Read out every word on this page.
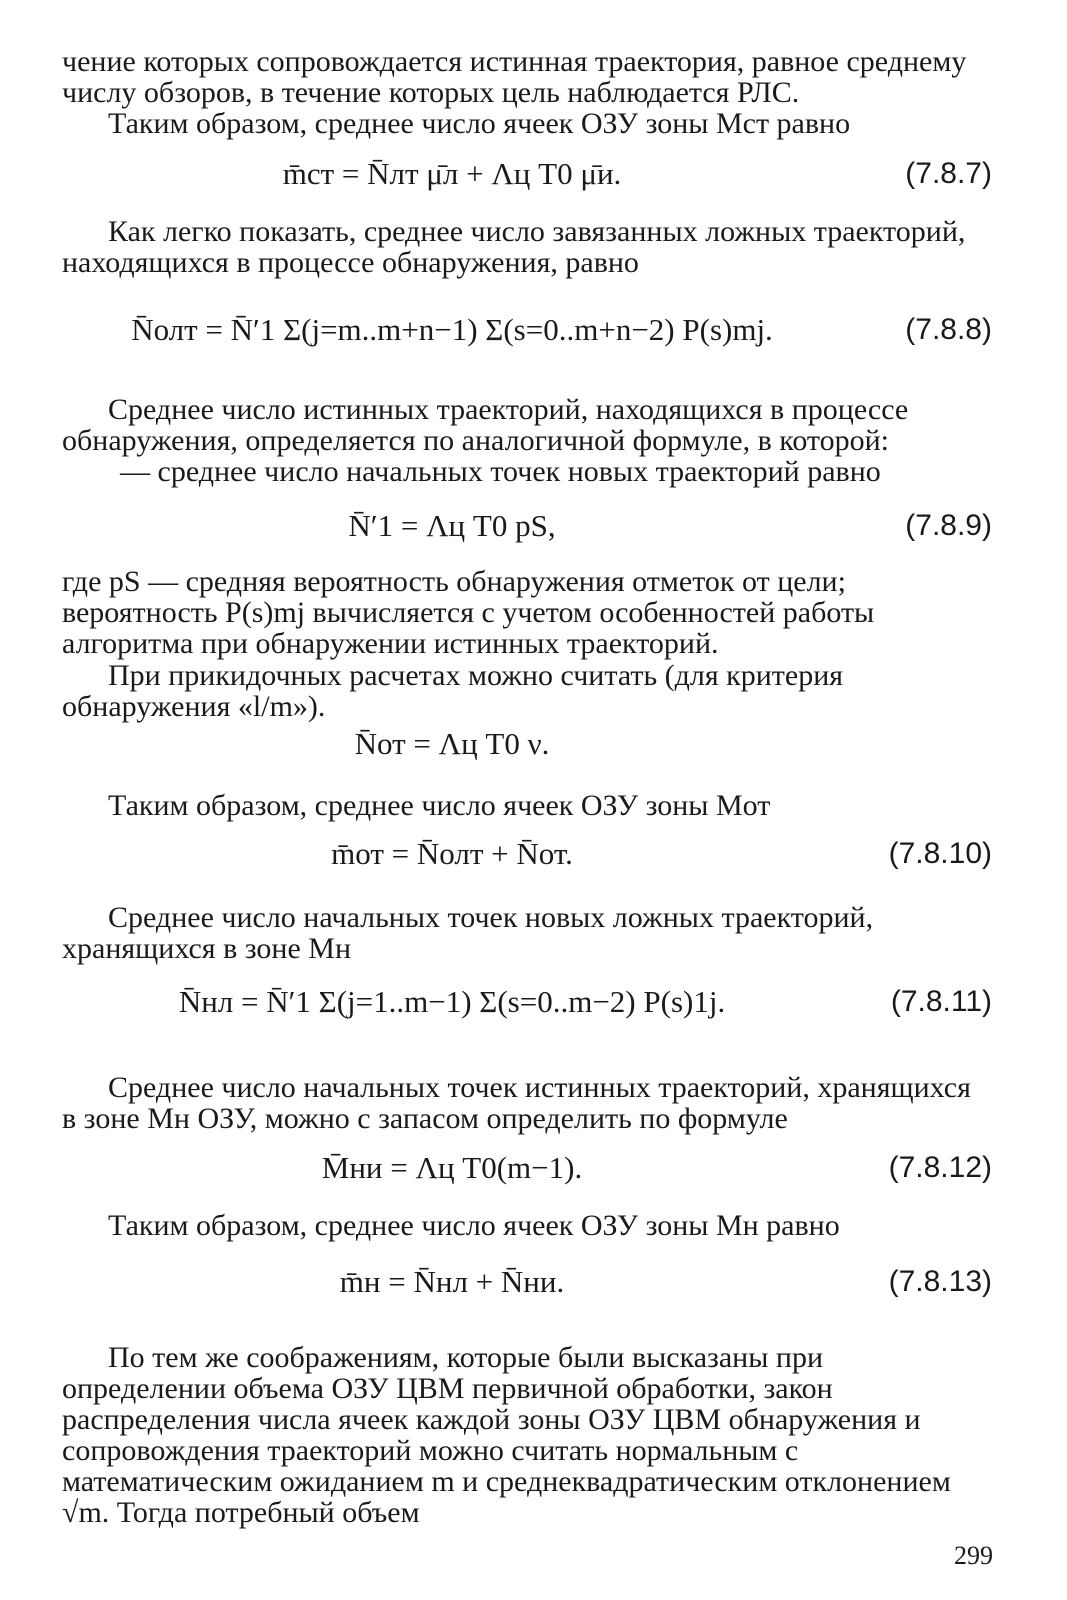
чение которых сопровождается истинная траектория, равное среднему числу обзоров, в течение которых цель наблюдается РЛС.

Таким образом, среднее число ячеек ОЗУ зоны Mст равно

m̄ст = N̄лт μ̄л + Λц T0 μ̄и.	(7.8.7)

Как легко показать, среднее число завязанных ложных траекторий, находящихся в процессе обнаружения, равно

N̄олт = N̄′1 Σ(j=m..m+n−1) Σ(s=0..m+n−2) P(s)mj.	(7.8.8)

Среднее число истинных траекторий, находящихся в процессе обнаружения, определяется по аналогичной формуле, в которой:

— среднее число начальных точек новых траекторий равно

N̄′1 = Λц T0 pS,	(7.8.9)

где pS — средняя вероятность обнаружения отметок от цели; вероятность P(s)mj вычисляется с учетом особенностей работы алгоритма при обнаружении истинных траекторий.

При прикидочных расчетах можно считать (для критерия обнаружения «l/m»).

N̄от = Λц T0 ν.

Таким образом, среднее число ячеек ОЗУ зоны Mот

m̄от = N̄олт + N̄от.	(7.8.10)

Среднее число начальных точек новых ложных траекторий, хранящихся в зоне Mн

N̄нл = N̄′1 Σ(j=1..m−1) Σ(s=0..m−2) P(s)1j.	(7.8.11)

Среднее число начальных точек истинных траекторий, хранящихся в зоне Mн ОЗУ, можно с запасом определить по формуле

M̄ни = Λц T0(m−1).	(7.8.12)

Таким образом, среднее число ячеек ОЗУ зоны Mн равно

m̄н = N̄нл + N̄ни.	(7.8.13)

По тем же соображениям, которые были высказаны при определении объема ОЗУ ЦВМ первичной обработки, закон распределения числа ячеек каждой зоны ОЗУ ЦВМ обнаружения и сопровождения траекторий можно считать нормальным с математическим ожиданием m и среднеквадратическим отклонением √m. Тогда потребный объем

299
